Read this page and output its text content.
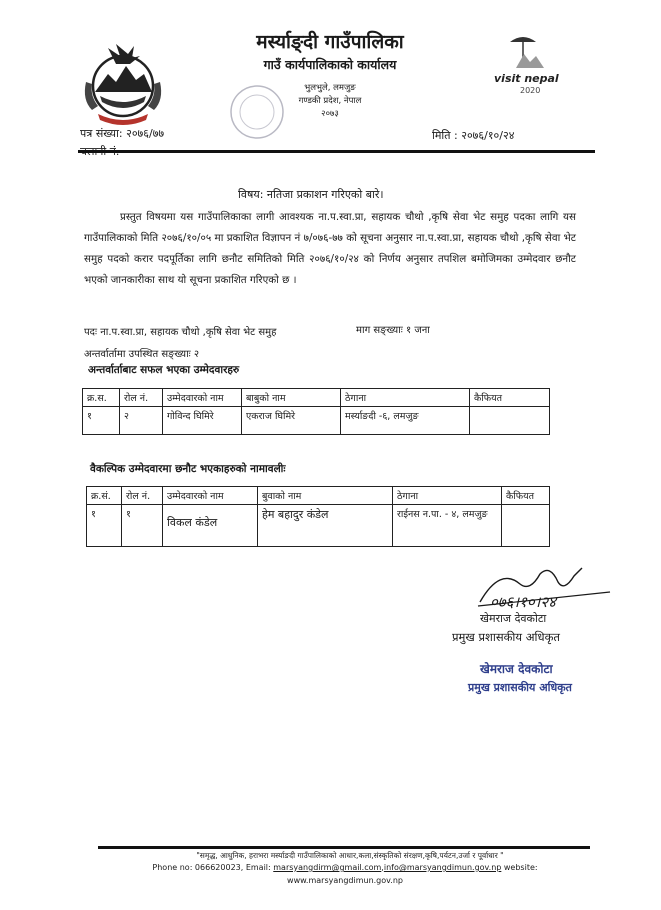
visit nepal
2020
मर्स्याङ्दी गाउँपालिका
गाउँ कार्यपालिकाको कार्यालय
भुलभुले, लमजुङ
गण्डकी प्रदेश, नेपाल
२०७३
पत्र संख्या: २०७६/७७	मिति : २०७६/१०/२४
विषय: नतिजा प्रकाशन गरिएको बारे।
प्रस्तुत विषयमा यस गाउँपालिकाका लागी आवश्यक ना.प.स्वा.प्रा, सहायक चौथो ,कृषि सेवा भेट समुह पदका लागि यस गाउँपालिकाको मिति २०७६/१०/०५ मा प्रकाशित विज्ञापन नं ७/०७६-७७ को सूचना अनुसार ना.प.स्वा.प्रा, सहायक चौथो ,कृषि सेवा भेट समुह पदको करार पदपूर्तिका लागि छनौट समितिको मिति २०७६/१०/२४ को निर्णय अनुसार तपशिल बमोजिमका उम्मेदवार छनौट भएको जानकारीका साथ यो सूचना प्रकाशित गरिएको छ ।
पदः ना.प.स्वा.प्रा, सहायक चौथो ,कृषि सेवा भेट समुह	माग सङ्ख्याः १ जना
अन्तर्वार्तामा उपस्थित सङ्ख्याः २
अन्तर्वार्ताबाट सफल भएका उम्मेदवारहरु
क्र.स.	रोल नं.	उम्मेदवारको नाम	बाबुको नाम	ठेगाना	कैफियत
१	२	गोविन्द घिमिरे	एकराज घिमिरे	मर्स्याङदी -६, लमजुङ	
वैकल्पिक उम्मेदवारमा छनौट भएकाहरुको नामावलीः
क्र.सं.	रोल नं.	उम्मेदवारको नाम	बुवाको नाम	ठेगाना	कैफियत
१	१	विकल कंडेल	हेम बहादुर कंडेल	राईनस न.पा. - ४, लमजुङ	
०७६।१०।२४
खेमराज देवकोटा
प्रमुख प्रशासकीय अधिकृत
खेमराज देवकोटा
प्रमुख प्रशासकीय अधिकृत
"समृद्ध, आधुनिक, हराभरा मर्स्याङदी गाउँपालिकाको आधार,कला,संस्कृतिको संरक्षण,कृषि,पर्यटन,उर्जा र पूर्वाधार "
Phone no: 066620023, Email: marsyangdirm@gmail.com,info@marsyangdimun.gov.np website:
www.marsyangdimun.gov.np
